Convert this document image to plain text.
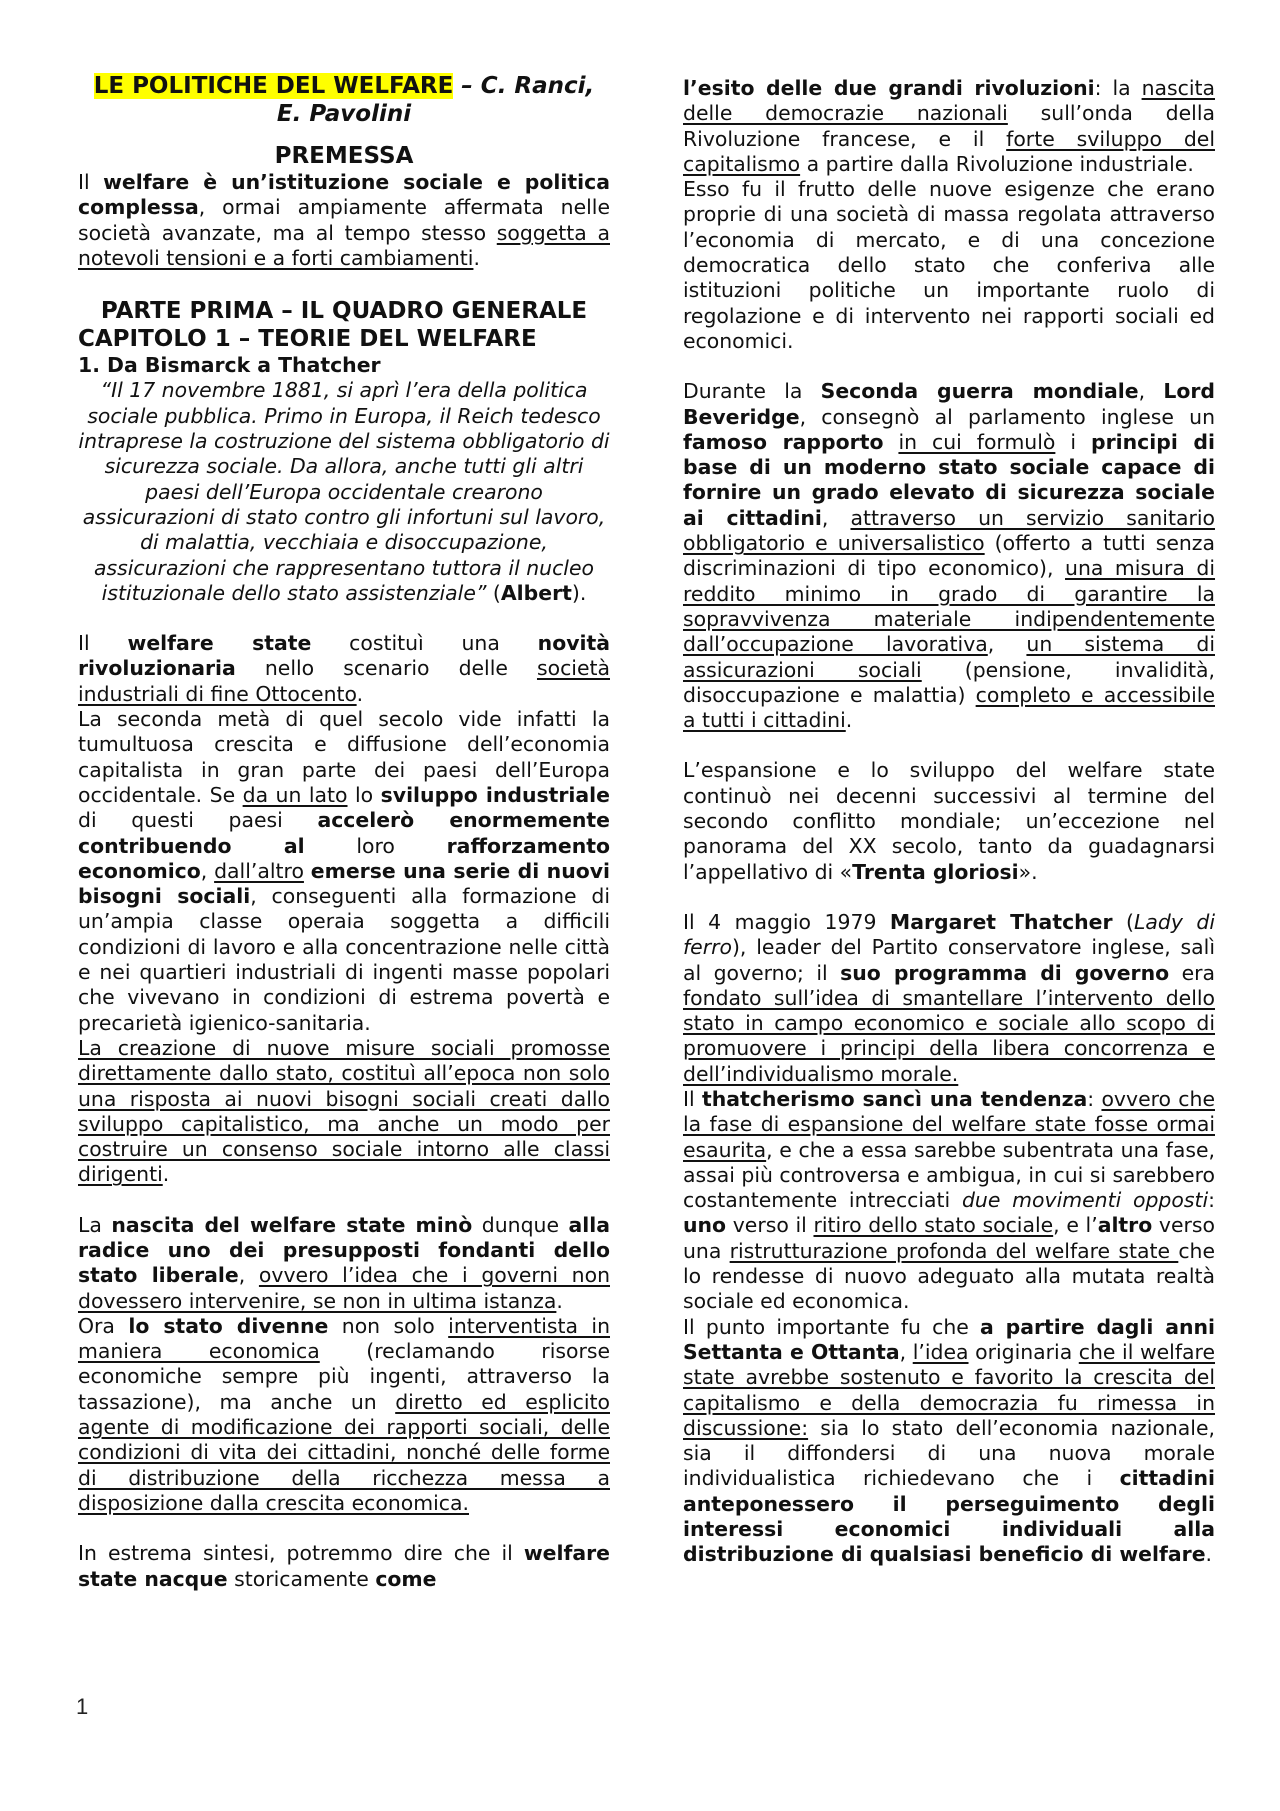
LE POLITICHE DEL WELFARE – C. Ranci,
E. Pavolini
PREMESSA

Il welfare è un’istituzione sociale e politica complessa, ormai ampiamente affermata nelle società avanzate, ma al tempo stesso soggetta a notevoli tensioni e a forti cambiamenti.

PARTE PRIMA – IL QUADRO GENERALE
CAPITOLO 1 – TEORIE DEL WELFARE
1. Da Bismarck a Thatcher

“Il 17 novembre 1881, si aprì l’era della politica sociale pubblica. Primo in Europa, il Reich tedesco intraprese la costruzione del sistema obbligatorio di sicurezza sociale. Da allora, anche tutti gli altri paesi dell’Europa occidentale crearono assicurazioni di stato contro gli infortuni sul lavoro, di malattia, vecchiaia e disoccupazione, assicurazioni che rappresentano tuttora il nucleo istituzionale dello stato assistenziale” (Albert).

Il welfare state costituì una novità rivoluzionaria nello scenario delle società industriali di fine Ottocento.

La seconda metà di quel secolo vide infatti la tumultuosa crescita e diffusione dell’economia capitalista in gran parte dei paesi dell’Europa occidentale. Se da un lato lo sviluppo industriale di questi paesi accelerò enormemente contribuendo al loro rafforzamento economico, dall’altro emerse una serie di nuovi bisogni sociali, conseguenti alla formazione di un’ampia classe operaia soggetta a difficili condizioni di lavoro e alla concentrazione nelle città e nei quartieri industriali di ingenti masse popolari che vivevano in condizioni di estrema povertà e precarietà igienico-sanitaria.

La creazione di nuove misure sociali promosse direttamente dallo stato, costituì all’epoca non solo una risposta ai nuovi bisogni sociali creati dallo sviluppo capitalistico, ma anche un modo per costruire un consenso sociale intorno alle classi dirigenti.

La nascita del welfare state minò dunque alla radice uno dei presupposti fondanti dello stato liberale, ovvero l’idea che i governi non dovessero intervenire, se non in ultima istanza.

Ora lo stato divenne non solo interventista in maniera economica (reclamando risorse economiche sempre più ingenti, attraverso la tassazione), ma anche un diretto ed esplicito agente di modificazione dei rapporti sociali, delle condizioni di vita dei cittadini, nonché delle forme di distribuzione della ricchezza messa a disposizione dalla crescita economica.

In estrema sintesi, potremmo dire che il welfare state nacque storicamente come

l’esito delle due grandi rivoluzioni: la nascita delle democrazie nazionali sull’onda della Rivoluzione francese, e il forte sviluppo del capitalismo a partire dalla Rivoluzione industriale.

Esso fu il frutto delle nuove esigenze che erano proprie di una società di massa regolata attraverso l’economia di mercato, e di una concezione democratica dello stato che conferiva alle istituzioni politiche un importante ruolo di regolazione e di intervento nei rapporti sociali ed economici.

Durante la Seconda guerra mondiale, Lord Beveridge, consegnò al parlamento inglese un famoso rapporto in cui formulò i principi di base di un moderno stato sociale capace di fornire un grado elevato di sicurezza sociale ai cittadini, attraverso un servizio sanitario obbligatorio e universalistico (offerto a tutti senza discriminazioni di tipo economico), una misura di reddito minimo in grado di garantire la sopravvivenza materiale indipendentemente dall’occupazione lavorativa, un sistema di assicurazioni sociali (pensione, invalidità, disoccupazione e malattia) completo e accessibile a tutti i cittadini.

L’espansione e lo sviluppo del welfare state continuò nei decenni successivi al termine del secondo conflitto mondiale; un’eccezione nel panorama del XX secolo, tanto da guadagnarsi l’appellativo di «Trenta gloriosi».

Il 4 maggio 1979 Margaret Thatcher (Lady di ferro), leader del Partito conservatore inglese, salì al governo; il suo programma di governo era fondato sull’idea di smantellare l’intervento dello stato in campo economico e sociale allo scopo di promuovere i principi della libera concorrenza e dell’individualismo morale.

Il thatcherismo sancì una tendenza: ovvero che la fase di espansione del welfare state fosse ormai esaurita, e che a essa sarebbe subentrata una fase, assai più controversa e ambigua, in cui si sarebbero costantemente intrecciati due movimenti opposti: uno verso il ritiro dello stato sociale, e l’altro verso una ristrutturazione profonda del welfare state che lo rendesse di nuovo adeguato alla mutata realtà sociale ed economica.

Il punto importante fu che a partire dagli anni Settanta e Ottanta, l’idea originaria che il welfare state avrebbe sostenuto e favorito la crescita del capitalismo e della democrazia fu rimessa in discussione: sia lo stato dell’economia nazionale, sia il diffondersi di una nuova morale individualistica richiedevano che i cittadini anteponessero il perseguimento degli interessi economici individuali alla distribuzione di qualsiasi beneficio di welfare.

1
